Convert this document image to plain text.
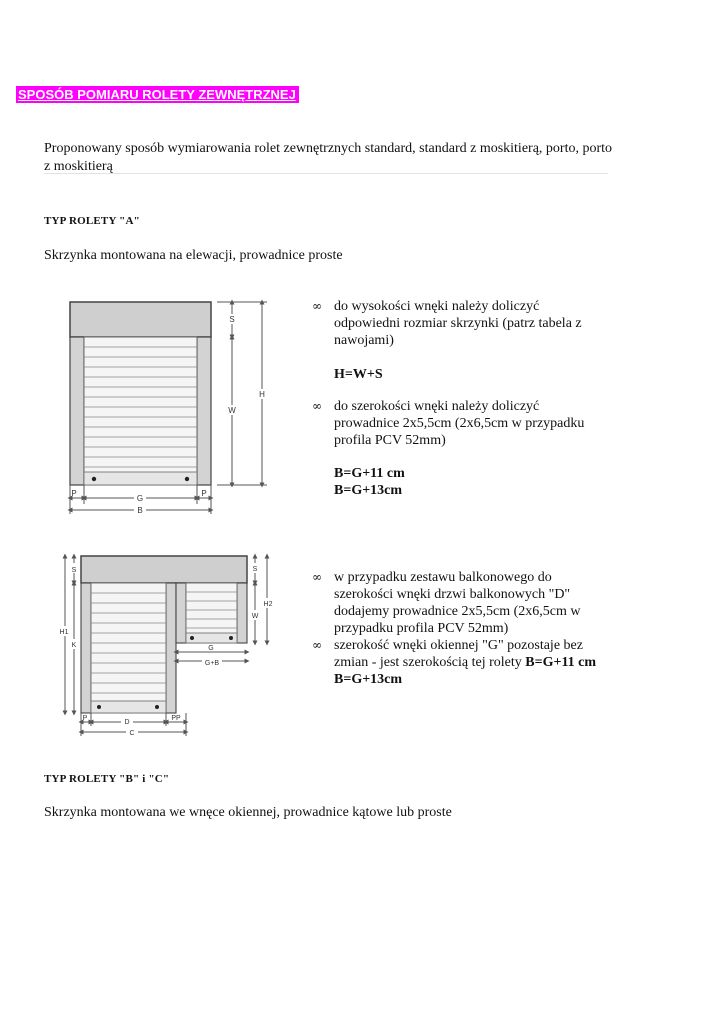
SPOSÓB POMIARU ROLETY ZEWNĘTRZNEJ
Proponowany sposób wymiarowania rolet zewnętrznych standard, standard z moskitierą, porto, porto z moskitierą
TYP ROLETY "A"
Skrzynka montowana na elewacji, prowadnice proste
S
W
H
P
G
P
B
∞ do wysokości wnęki należy doliczyć odpowiedni rozmiar skrzynki (patrz tabela z nawojami)
H=W+S
∞ do szerokości wnęki należy doliczyć prowadnice 2x5,5cm (2x6,5cm w przypadku profila PCV 52mm)
B=G+11 cm
B=G+13cm
S
K
H1
S
W
H2
G
G+B
P
D
PP
C
∞ w przypadku zestawu balkonowego do szerokości wnęki drzwi balkonowych "D" dodajemy prowadnice 2x5,5cm (2x6,5cm w przypadku profila PCV 52mm)
∞ szerokość wnęki okiennej "G" pozostaje bez zmian - jest szerokością tej rolety B=G+11 cm
B=G+13cm
TYP ROLETY "B" i "C"
Skrzynka montowana we wnęce okiennej, prowadnice kątowe lub proste
